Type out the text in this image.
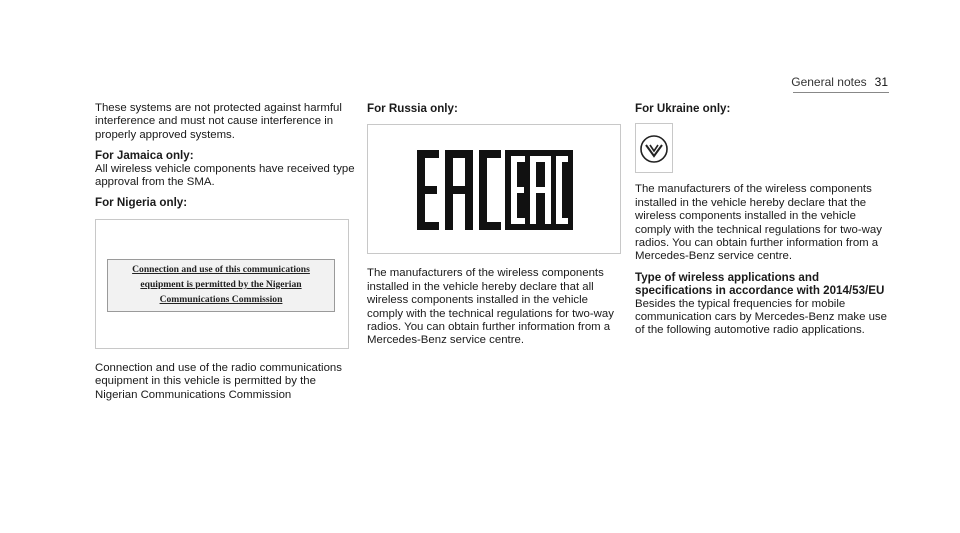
General notes 31

These systems are not protected against harmful interference and must not cause interference in properly approved systems.

For Jamaica only:

All wireless vehicle components have received type approval from the SMA.

For Nigeria only:
Connection and use of this communications
equipment is permitted by the Nigerian
Communications Commission

Connection and use of the radio communications equipment in this vehicle is permitted by the Nigerian Communications Commission

For Russia only:

The manufacturers of the wireless components installed in the vehicle hereby declare that all wireless components installed in the vehicle comply with the technical regulations for two-way radios. You can obtain further information from a Mercedes-Benz service centre.

For Ukraine only:

The manufacturers of the wireless components installed in the vehicle hereby declare that the wireless components installed in the vehicle comply with the technical regulations for two-way radios. You can obtain further information from a Mercedes-Benz service centre.

Type of wireless applications and specifications in accordance with 2014/53/EU

Besides the typical frequencies for mobile communication cars by Mercedes-Benz make use of the following automotive radio applications.
